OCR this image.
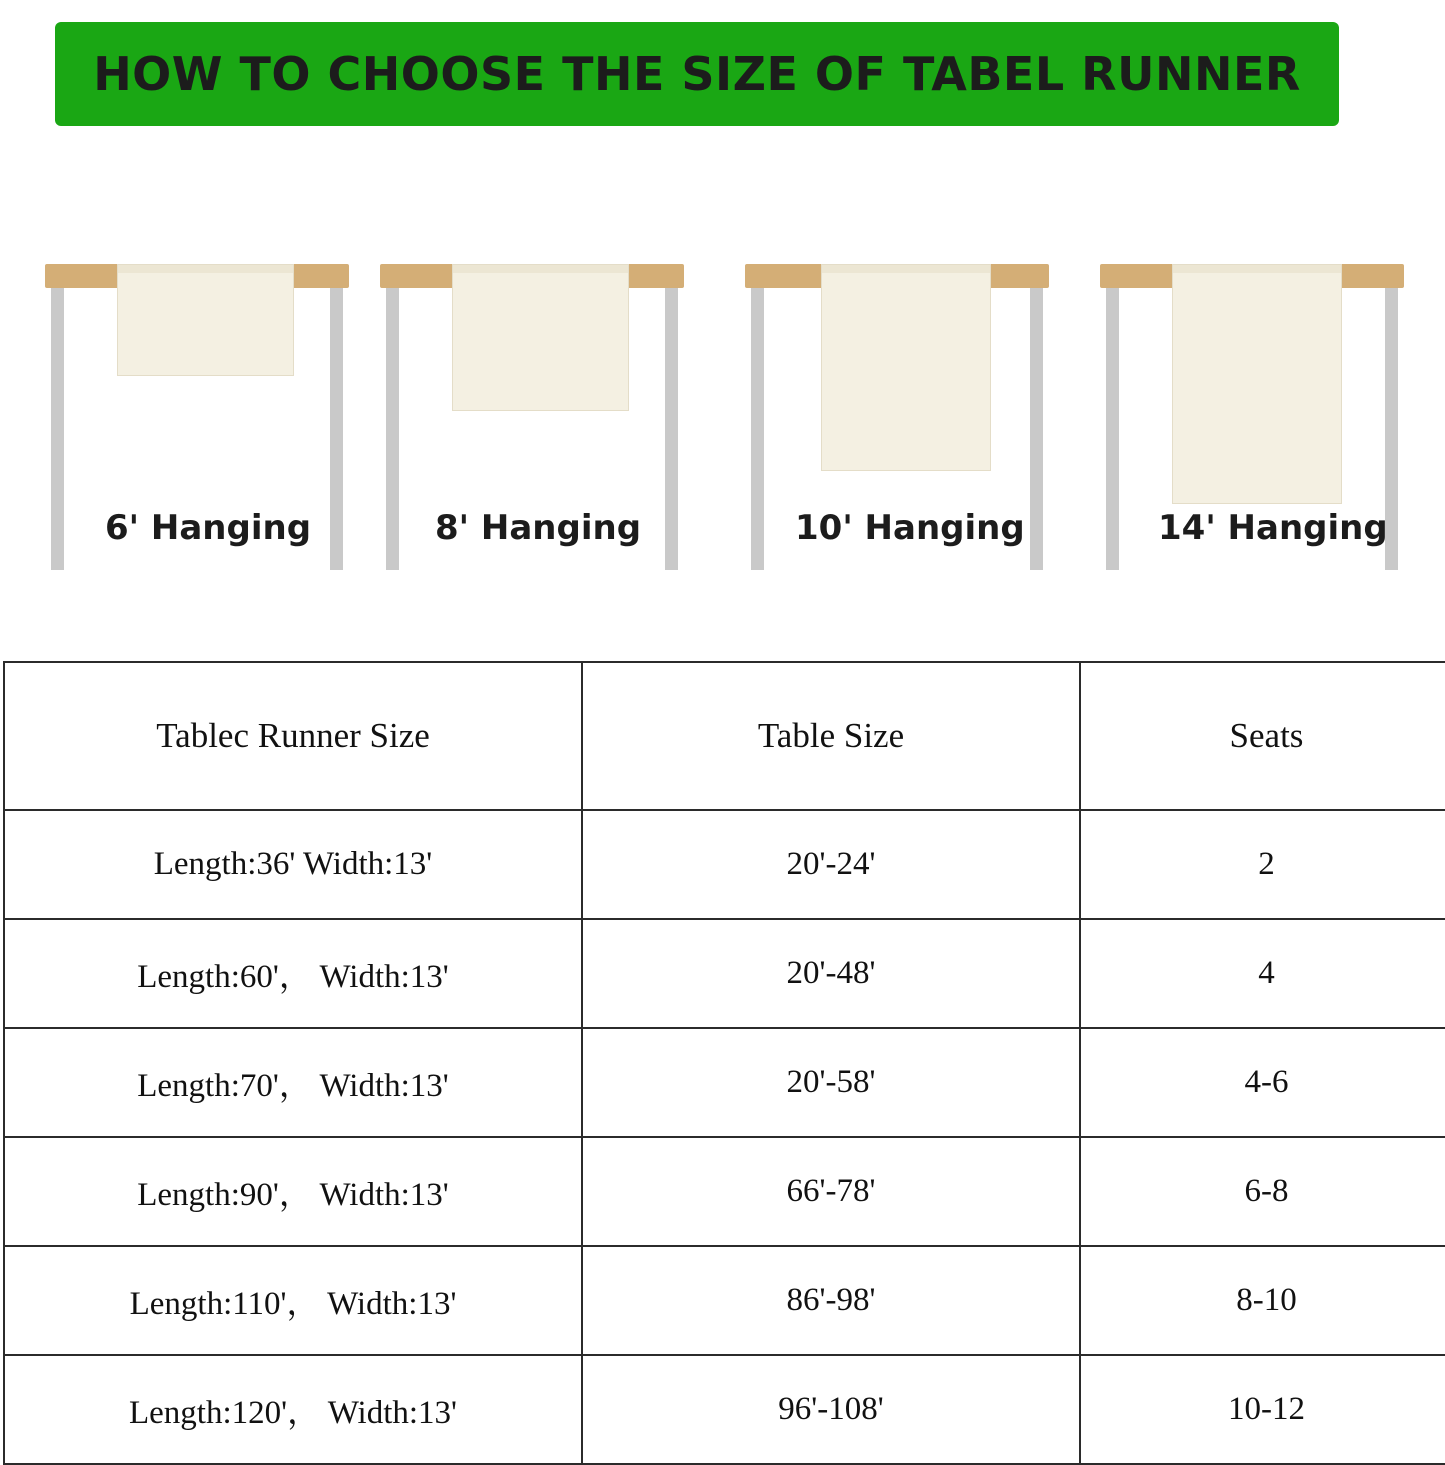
HOW TO CHOOSE THE SIZE OF TABEL RUNNER
6' Hanging	8' Hanging	10' Hanging	14' Hanging
Tablec Runner Size	Table Size	Seats
Length:36' Width:13'	20'-24'	2
Length:60'， Width:13'	20'-48'	4
Length:70'， Width:13'	20'-58'	4-6
Length:90'， Width:13'	66'-78'	6-8
Length:110'， Width:13'	86'-98'	8-10
Length:120'， Width:13'	96'-108'	10-12
